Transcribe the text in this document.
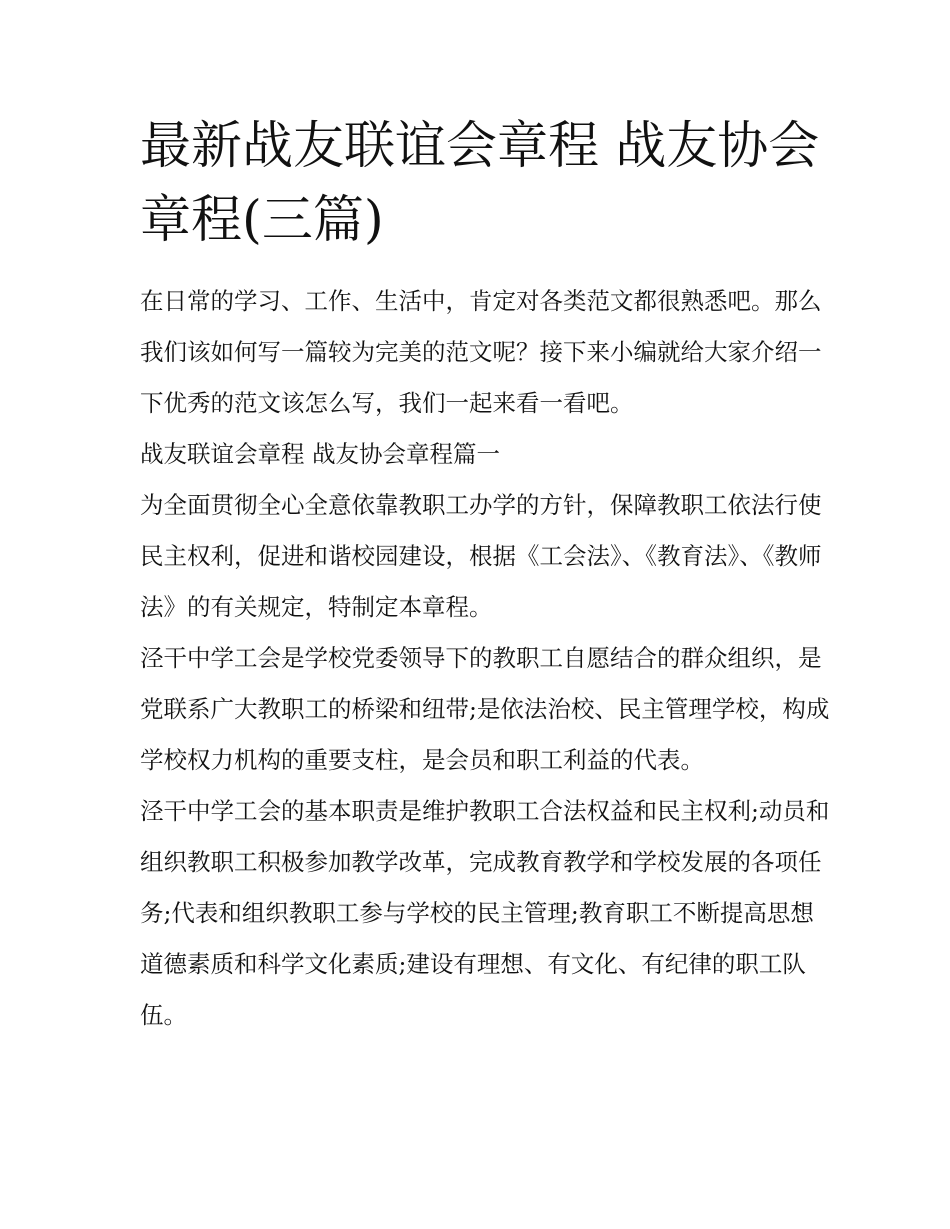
最新战友联谊会章程 战友协会章程(三篇)

在日常的学习、工作、生活中，肯定对各类范文都很熟悉吧。那么我们该如何写一篇较为完美的范文呢？接下来小编就给大家介绍一下优秀的范文该怎么写，我们一起来看一看吧。

战友联谊会章程 战友协会章程篇一

为全面贯彻全心全意依靠教职工办学的方针，保障教职工依法行使民主权利，促进和谐校园建设，根据《工会法》、《教育法》、《教师法》的有关规定，特制定本章程。

泾干中学工会是学校党委领导下的教职工自愿结合的群众组织，是党联系广大教职工的桥梁和纽带;是依法治校、民主管理学校，构成学校权力机构的重要支柱，是会员和职工利益的代表。

泾干中学工会的基本职责是维护教职工合法权益和民主权利;动员和组织教职工积极参加教学改革，完成教育教学和学校发展的各项任务;代表和组织教职工参与学校的民主管理;教育职工不断提高思想道德素质和科学文化素质;建设有理想、有文化、有纪律的职工队伍。
